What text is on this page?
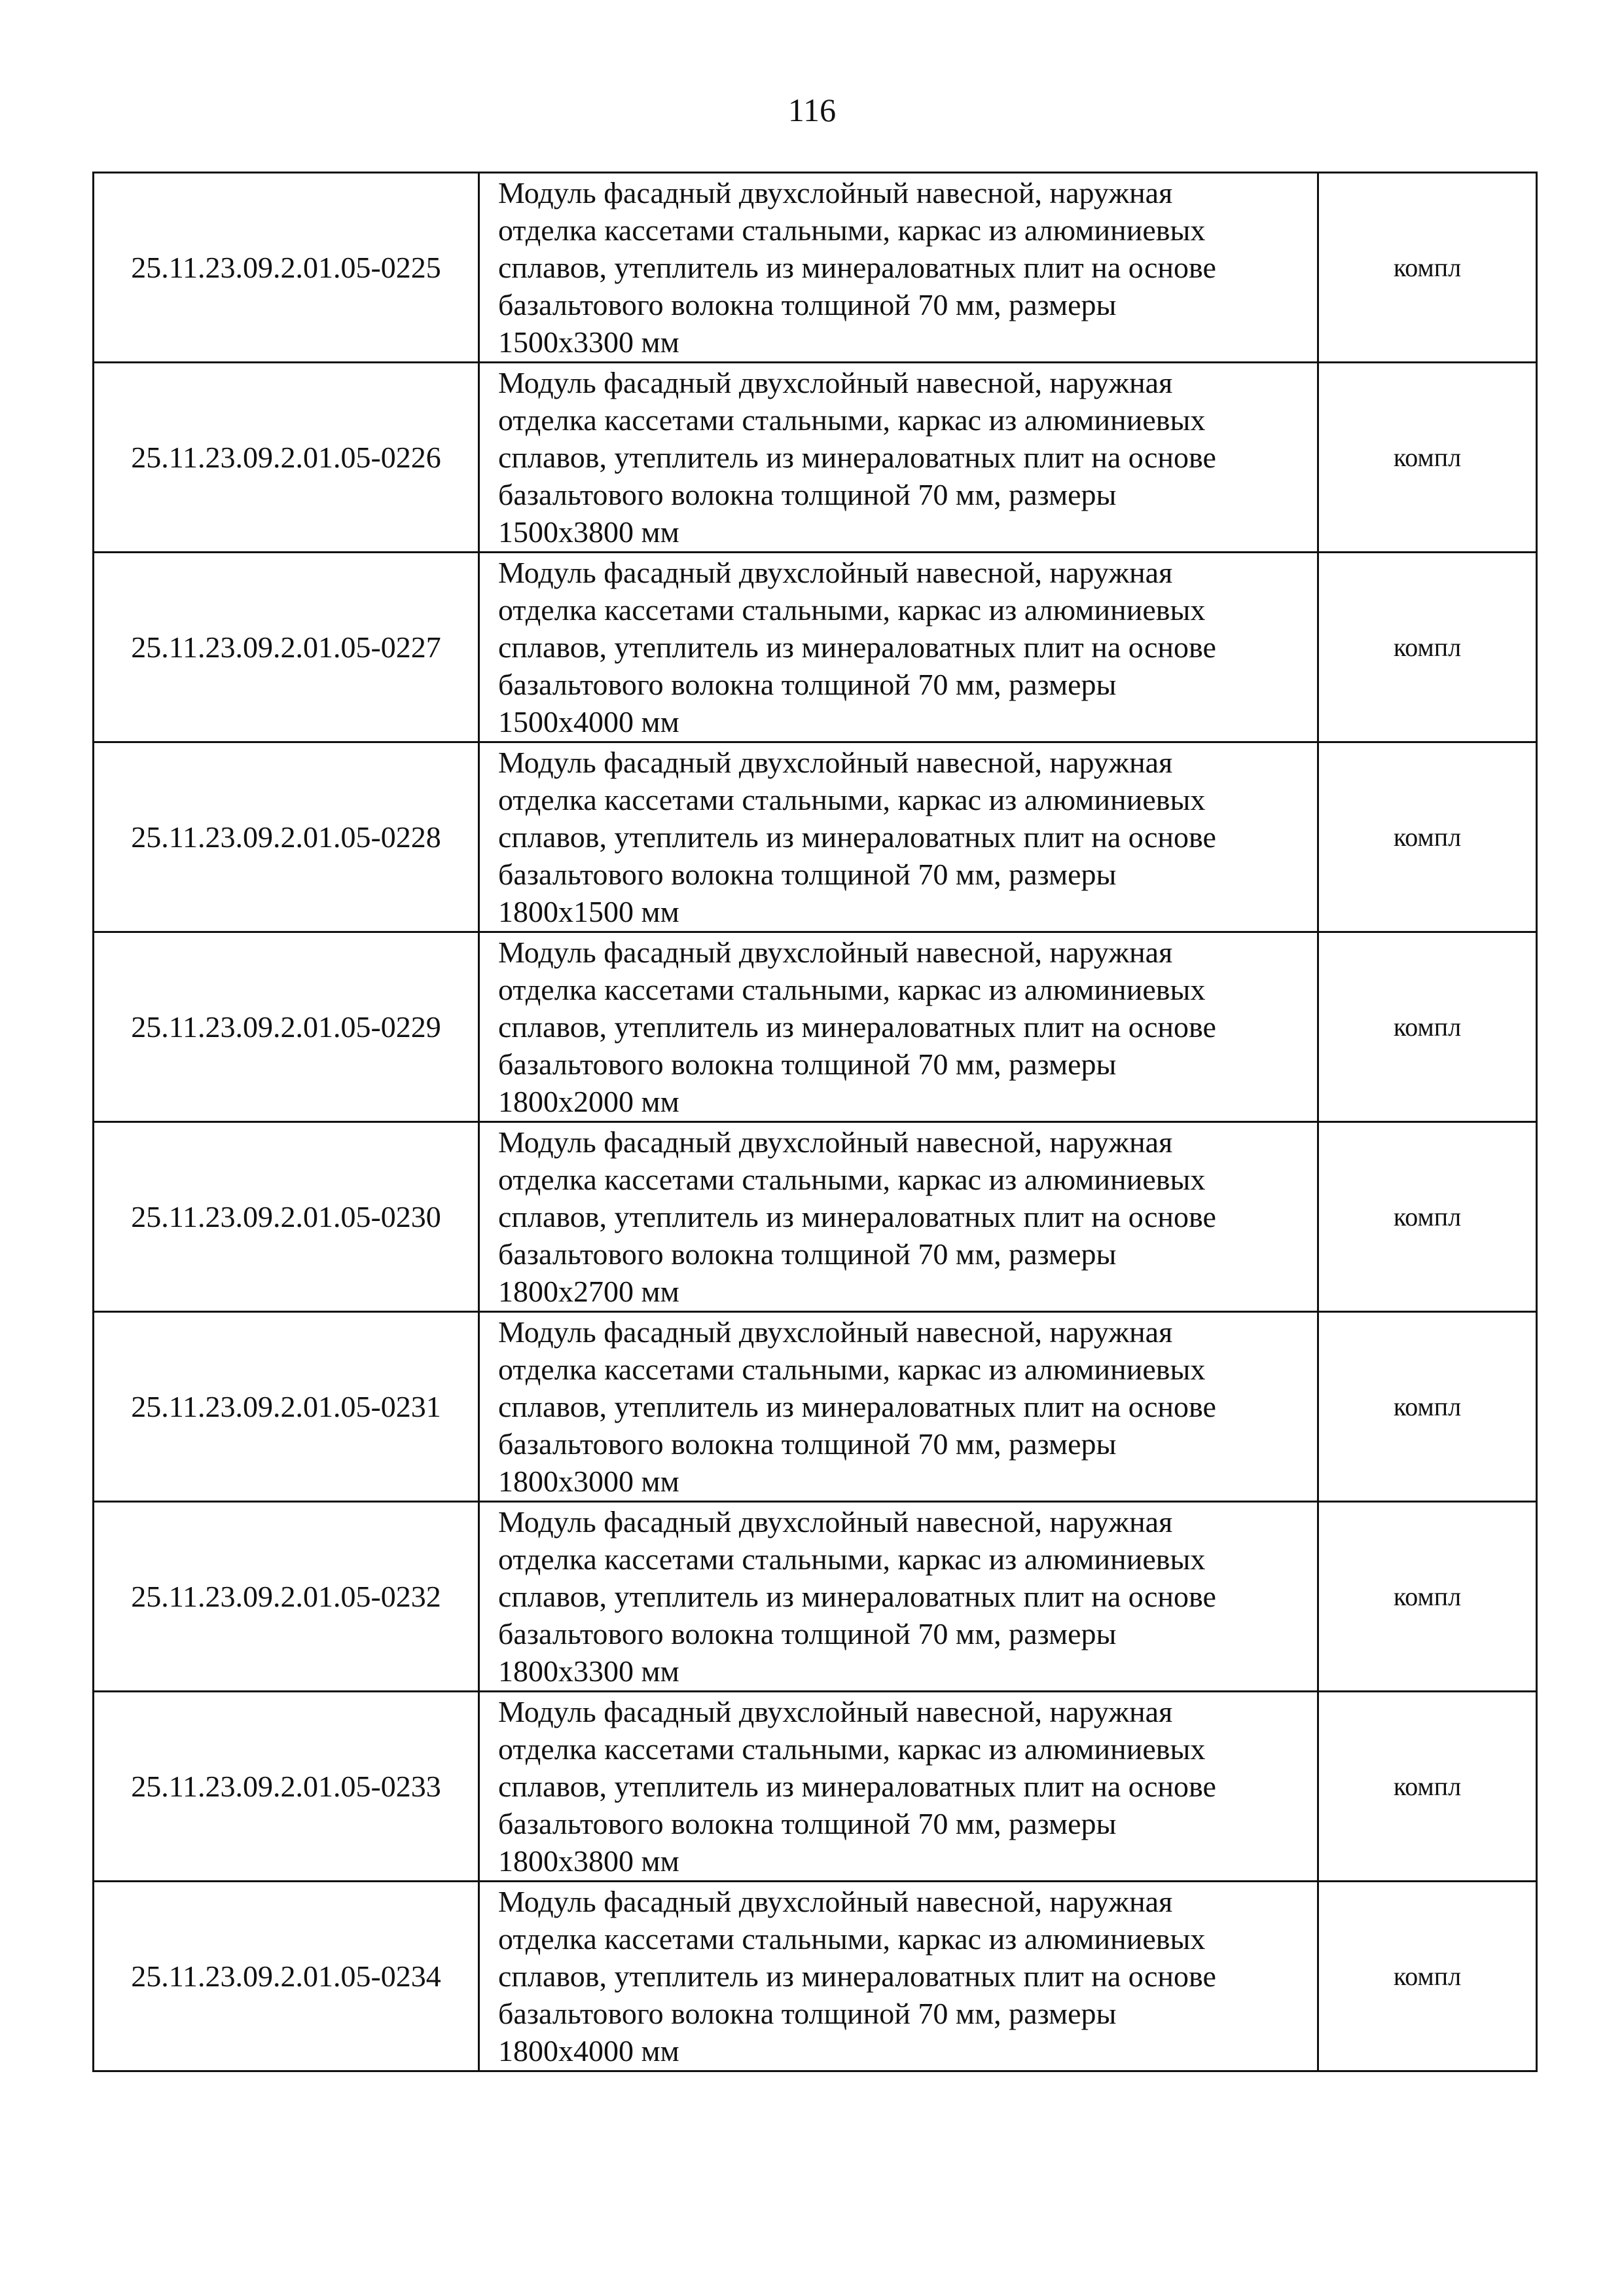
116
25.11.23.09.2.01.05-0225	Модуль фасадный двухслойный навесной, наружная
отделка кассетами стальными, каркас из алюминиевых
сплавов, утеплитель из минераловатных плит на основе
базальтового волокна толщиной 70 мм, размеры
1500х3300 мм	компл
25.11.23.09.2.01.05-0226	Модуль фасадный двухслойный навесной, наружная
отделка кассетами стальными, каркас из алюминиевых
сплавов, утеплитель из минераловатных плит на основе
базальтового волокна толщиной 70 мм, размеры
1500х3800 мм	компл
25.11.23.09.2.01.05-0227	Модуль фасадный двухслойный навесной, наружная
отделка кассетами стальными, каркас из алюминиевых
сплавов, утеплитель из минераловатных плит на основе
базальтового волокна толщиной 70 мм, размеры
1500х4000 мм	компл
25.11.23.09.2.01.05-0228	Модуль фасадный двухслойный навесной, наружная
отделка кассетами стальными, каркас из алюминиевых
сплавов, утеплитель из минераловатных плит на основе
базальтового волокна толщиной 70 мм, размеры
1800х1500 мм	компл
25.11.23.09.2.01.05-0229	Модуль фасадный двухслойный навесной, наружная
отделка кассетами стальными, каркас из алюминиевых
сплавов, утеплитель из минераловатных плит на основе
базальтового волокна толщиной 70 мм, размеры
1800х2000 мм	компл
25.11.23.09.2.01.05-0230	Модуль фасадный двухслойный навесной, наружная
отделка кассетами стальными, каркас из алюминиевых
сплавов, утеплитель из минераловатных плит на основе
базальтового волокна толщиной 70 мм, размеры
1800х2700 мм	компл
25.11.23.09.2.01.05-0231	Модуль фасадный двухслойный навесной, наружная
отделка кассетами стальными, каркас из алюминиевых
сплавов, утеплитель из минераловатных плит на основе
базальтового волокна толщиной 70 мм, размеры
1800х3000 мм	компл
25.11.23.09.2.01.05-0232	Модуль фасадный двухслойный навесной, наружная
отделка кассетами стальными, каркас из алюминиевых
сплавов, утеплитель из минераловатных плит на основе
базальтового волокна толщиной 70 мм, размеры
1800х3300 мм	компл
25.11.23.09.2.01.05-0233	Модуль фасадный двухслойный навесной, наружная
отделка кассетами стальными, каркас из алюминиевых
сплавов, утеплитель из минераловатных плит на основе
базальтового волокна толщиной 70 мм, размеры
1800х3800 мм	компл
25.11.23.09.2.01.05-0234	Модуль фасадный двухслойный навесной, наружная
отделка кассетами стальными, каркас из алюминиевых
сплавов, утеплитель из минераловатных плит на основе
базальтового волокна толщиной 70 мм, размеры
1800х4000 мм	компл
